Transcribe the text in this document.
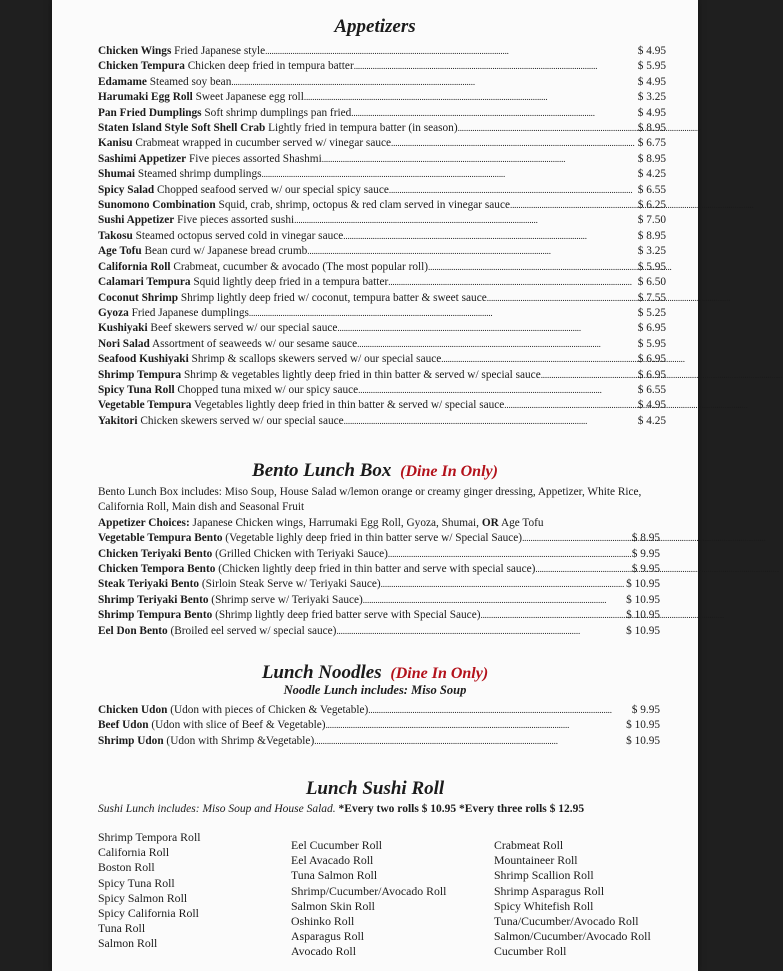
Appetizers
Chicken Wings Fried Japanese style . . .	$ 4.95
Chicken Tempura Chicken deep fried in tempura batter . . .	$ 5.95
Edamame Steamed soy bean . . .	$ 4.95
Harumaki Egg Roll Sweet Japanese egg roll . . .	$ 3.25
Pan Fried Dumplings Soft shrimp dumplings pan fried . . .	$ 4.95
Staten Island Style Soft Shell Crab Lightly fried in tempura batter (in season) . . .	$ 8.95
Kanisu Crabmeat wrapped in cucumber served w/ vinegar sauce . . .	$ 6.75
Sashimi Appetizer Five pieces assorted Shashmi . . .	$ 8.95
Shumai Steamed shrimp dumplings . . .	$ 4.25
Spicy Salad Chopped seafood served w/ our special spicy sauce . . .	$ 6.55
Sunomono Combination Squid, crab, shrimp, octopus & red clam served in vinegar sauce . . .	$ 6.25
Sushi Appetizer Five pieces assorted sushi . . .	$ 7.50
Takosu Steamed octopus served cold in vinegar sauce . . .	$ 8.95
Age Tofu Bean curd w/ Japanese bread crumb . . .	$ 3.25
California Roll Crabmeat, cucumber & avocado (The most popular roll) . . .	$ 5.95
Calamari Tempura Squid lightly deep fried in a tempura batter . . .	$ 6.50
Coconut Shrimp Shrimp lightly deep fried w/ coconut, tempura batter & sweet sauce . . .	$ 7.55
Gyoza Fried Japanese dumplings . . .	$ 5.25
Kushiyaki Beef skewers served w/ our special sauce . . .	$ 6.95
Nori Salad Assortment of seaweeds w/ our sesame sauce . . .	$ 5.95
Seafood Kushiyaki Shrimp & scallops skewers served w/ our special sauce . . .	$ 6.95
Shrimp Tempura Shrimp & vegetables lightly deep fried in thin batter & served w/ special sauce . . .	$ 6.95
Spicy Tuna Roll Chopped tuna mixed w/ our spicy sauce . . .	$ 6.55
Vegetable Tempura Vegetables lightly deep fried in thin batter & served w/ special sauce . . .	$ 4.95
Yakitori Chicken skewers served w/ our special sauce . . .	$ 4.25
Bento Lunch Box (Dine In Only)

Bento Lunch Box includes: Miso Soup, House Salad w/lemon orange or creamy ginger dressing, Appetizer, White Rice, California Roll, Main dish and Seasonal Fruit

Appetizer Choices: Japanese Chicken wings, Harrumaki Egg Roll, Gyoza, Shumai, OR Age Tofu

Vegetable Tempura Bento (Vegetable lighly deep fried in thin batter serve w/ Special Sauce) . . .	$ 8.95
Chicken Teriyaki Bento (Grilled Chicken with Teriyaki Sauce) . . .	$ 9.95
Chicken Tempora Bento (Chicken lightly deep fried in thin batter and serve with special sauce) . . .	$ 9.95
Steak Teriyaki Bento (Sirloin Steak Serve w/ Teriyaki Sauce) . . .	$ 10.95
Shrimp Teriyaki Bento (Shrimp serve w/ Teriyaki Sauce) . . .	$ 10.95
Shrimp Tempura Bento (Shrimp lightly deep fried batter serve with Special Sauce) . . .	$ 10.95
Eel Don Bento (Broiled eel served w/ special sauce) . . .	$ 10.95
Lunch Noodles (Dine In Only)

Noodle Lunch includes: Miso Soup

Chicken Udon (Udon with pieces of Chicken & Vegetable) . . .	$ 9.95
Beef Udon (Udon with slice of Beef & Vegetable) . . .	$ 10.95
Shrimp Udon (Udon with Shrimp &Vegetable) . . .	$ 10.95
Lunch Sushi Roll

Sushi Lunch includes: Miso Soup and House Salad. *Every two rolls $ 10.95 *Every three rolls $ 12.95

Shrimp Tempora Roll
California Roll
Boston Roll
Spicy Tuna Roll
Spicy Salmon Roll
Spicy California Roll
Tuna Roll
Salmon Roll
Eel Cucumber Roll
Eel Avacado Roll
Tuna Salmon Roll
Shrimp/Cucumber/Avocado Roll
Salmon Skin Roll
Oshinko Roll
Asparagus Roll
Avocado Roll
Crabmeat Roll
Mountaineer Roll
Shrimp Scallion Roll
Shrimp Asparagus Roll
Spicy Whitefish Roll
Tuna/Cucumber/Avocado Roll
Salmon/Cucumber/Avocado Roll
Cucumber Roll
